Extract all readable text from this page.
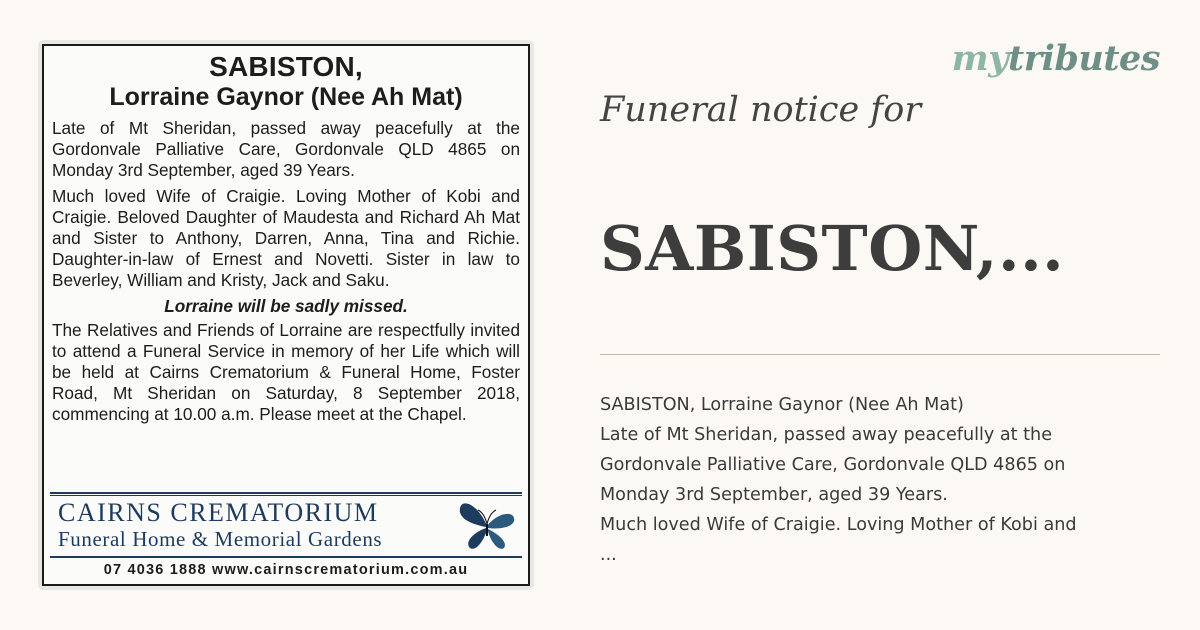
SABISTON,
Lorraine Gaynor (Nee Ah Mat)

Late of Mt Sheridan, passed away peacefully at the Gordonvale Palliative Care, Gordonvale QLD 4865 on Monday 3rd September, aged 39 Years.

Much loved Wife of Craigie. Loving Mother of Kobi and Craigie. Beloved Daughter of Maudesta and Richard Ah Mat and Sister to Anthony, Darren, Anna, Tina and Richie. Daughter-in-law of Ernest and Novetti. Sister in law to Beverley, William and Kristy, Jack and Saku.

Lorraine will be sadly missed.

The Relatives and Friends of Lorraine are respectfully invited to attend a Funeral Service in memory of her Life which will be held at Cairns Crematorium & Funeral Home, Foster Road, Mt Sheridan on Saturday, 8 September 2018, commencing at 10.00 a.m. Please meet at the Chapel.

CAIRNS CREMATORIUM
Funeral Home & Memorial Gardens
07 4036 1888 www.cairnscrematorium.com.au
mytributes
Funeral notice for
SABISTON,...
SABISTON, Lorraine Gaynor (Nee Ah Mat)
Late of Mt Sheridan, passed away peacefully at the
Gordonvale Palliative Care, Gordonvale QLD 4865 on
Monday 3rd September, aged 39 Years.
Much loved Wife of Craigie. Loving Mother of Kobi and
...
